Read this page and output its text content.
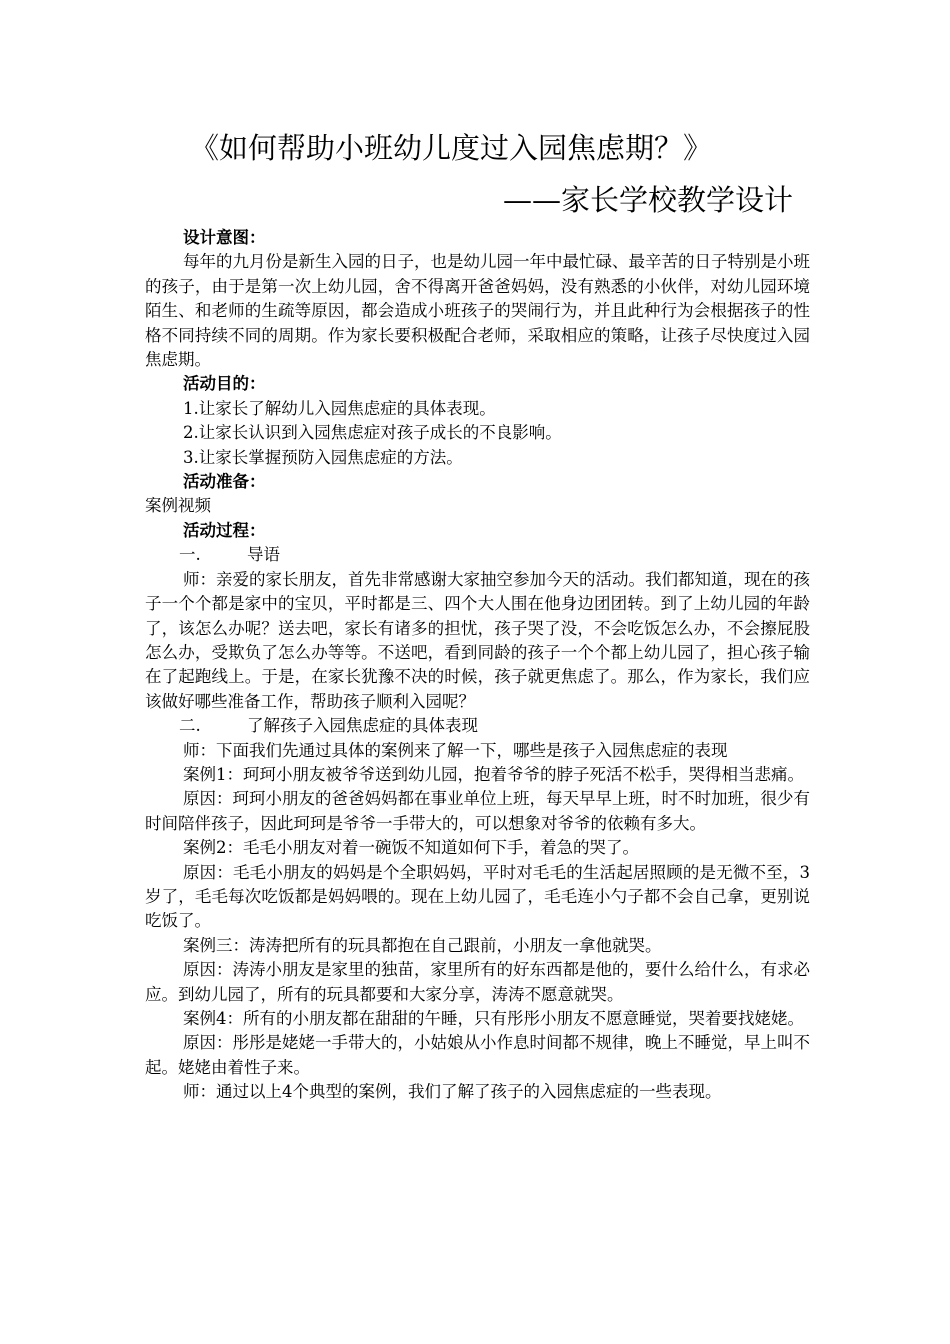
《如何帮助小班幼儿度过入园焦虑期？》
——家长学校教学设计

设计意图：

每年的九月份是新生入园的日子，也是幼儿园一年中最忙碌、最辛苦的日子特别是小班的孩子，由于是第一次上幼儿园，舍不得离开爸爸妈妈，没有熟悉的小伙伴，对幼儿园环境陌生、和老师的生疏等原因，都会造成小班孩子的哭闹行为，并且此种行为会根据孩子的性格不同持续不同的周期。作为家长要积极配合老师，采取相应的策略，让孩子尽快度过入园焦虑期。

活动目的：

1.让家长了解幼儿入园焦虑症的具体表现。

2.让家长认识到入园焦虑症对孩子成长的不良影响。

3.让家长掌握预防入园焦虑症的方法。

活动准备：

案例视频

活动过程：

一.	导语

师：亲爱的家长朋友，首先非常感谢大家抽空参加今天的活动。我们都知道，现在的孩子一个个都是家中的宝贝，平时都是三、四个大人围在他身边团团转。到了上幼儿园的年龄了，该怎么办呢？送去吧，家长有诸多的担忧，孩子哭了没，不会吃饭怎么办，不会擦屁股怎么办，受欺负了怎么办等等。不送吧，看到同龄的孩子一个个都上幼儿园了，担心孩子输在了起跑线上。于是，在家长犹豫不决的时候，孩子就更焦虑了。那么，作为家长，我们应该做好哪些准备工作，帮助孩子顺利入园呢？

二.	了解孩子入园焦虑症的具体表现

师：下面我们先通过具体的案例来了解一下，哪些是孩子入园焦虑症的表现

案例1：珂珂小朋友被爷爷送到幼儿园，抱着爷爷的脖子死活不松手，哭得相当悲痛。

原因：珂珂小朋友的爸爸妈妈都在事业单位上班，每天早早上班，时不时加班，很少有时间陪伴孩子，因此珂珂是爷爷一手带大的，可以想象对爷爷的依赖有多大。

案例2：毛毛小朋友对着一碗饭不知道如何下手，着急的哭了。

原因：毛毛小朋友的妈妈是个全职妈妈，平时对毛毛的生活起居照顾的是无微不至，3岁了，毛毛每次吃饭都是妈妈喂的。现在上幼儿园了，毛毛连小勺子都不会自己拿，更别说吃饭了。

案例三：涛涛把所有的玩具都抱在自己跟前，小朋友一拿他就哭。

原因：涛涛小朋友是家里的独苗，家里所有的好东西都是他的，要什么给什么，有求必应。到幼儿园了，所有的玩具都要和大家分享，涛涛不愿意就哭。

案例4：所有的小朋友都在甜甜的午睡，只有彤彤小朋友不愿意睡觉，哭着要找姥姥。

原因：彤彤是姥姥一手带大的，小姑娘从小作息时间都不规律，晚上不睡觉，早上叫不起。姥姥由着性子来。

师：通过以上4个典型的案例，我们了解了孩子的入园焦虑症的一些表现。
